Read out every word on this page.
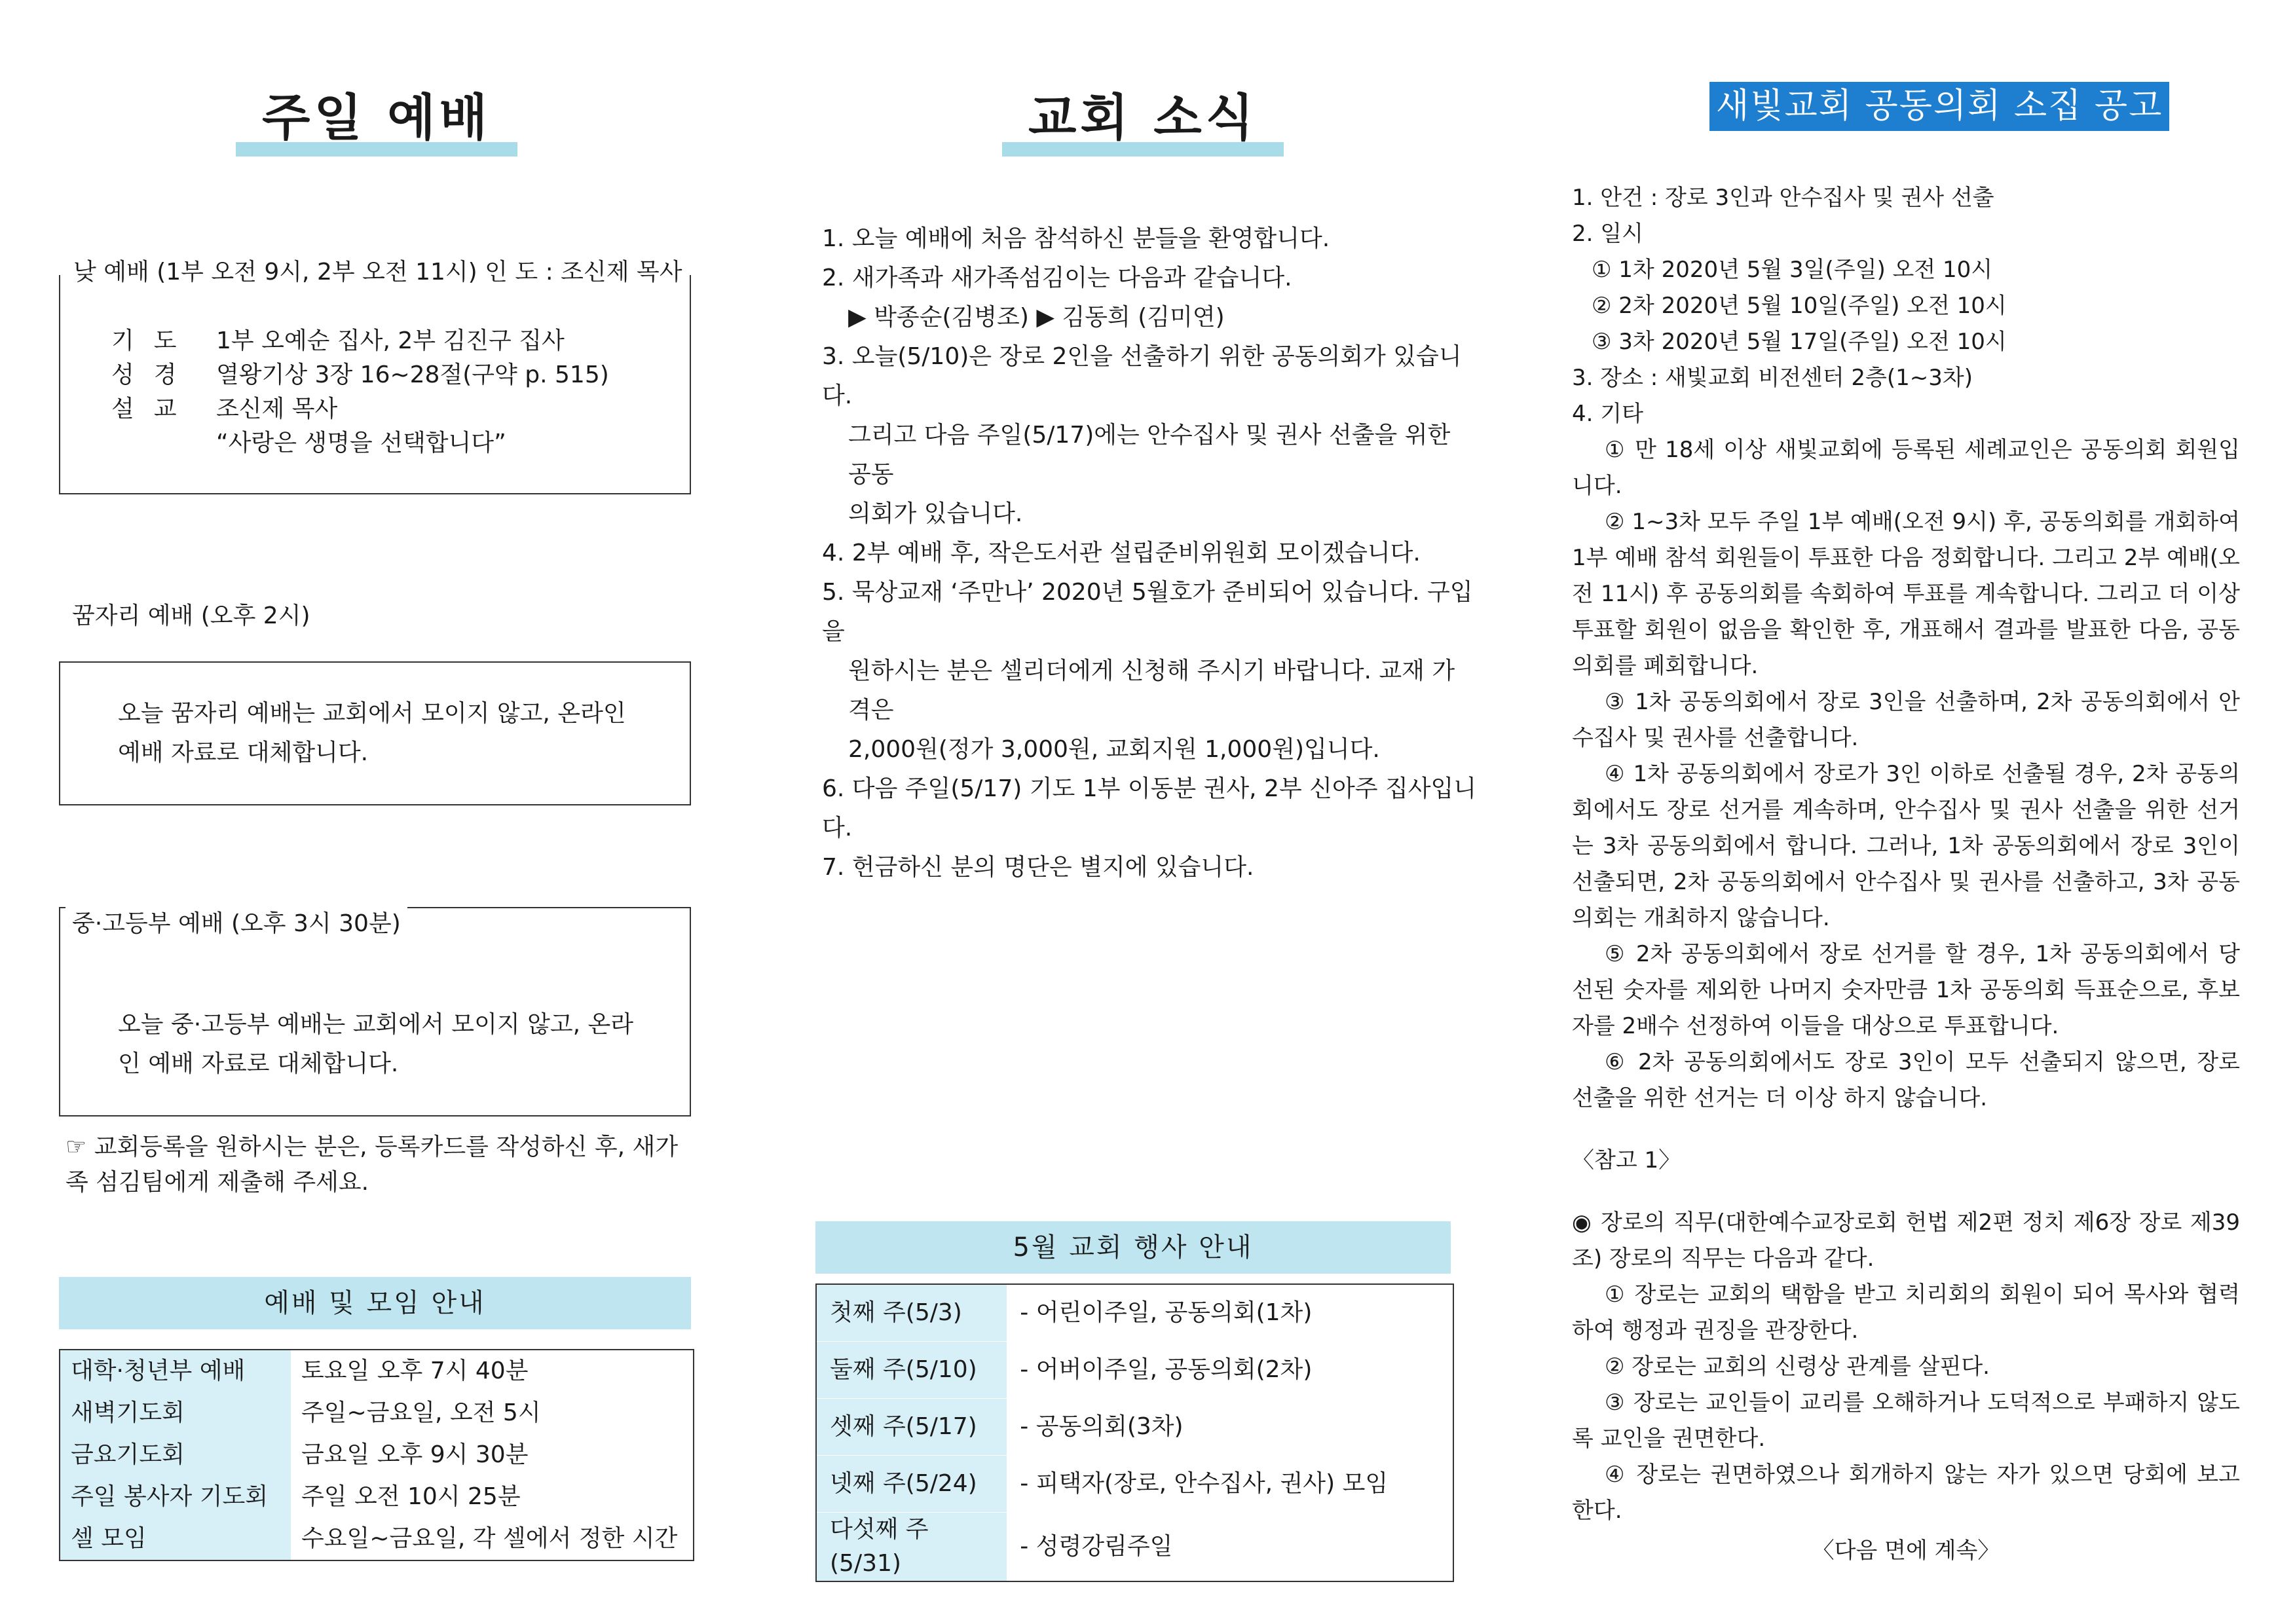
주일 예배
낮 예배 (1부 오전 9시, 2부 오전 11시) 인 도 : 조신제 목사
기도 1부 오예순 집사, 2부 김진구 집사
성경 열왕기상 3장 16~28절(구약 p. 515)
설교 조신제 목사
“사랑은 생명을 선택합니다”
꿈자리 예배 (오후 2시)
오늘 꿈자리 예배는 교회에서 모이지 않고, 온라인 예배 자료로 대체합니다.
중·고등부 예배 (오후 3시 30분)
오늘 중·고등부 예배는 교회에서 모이지 않고, 온라인 예배 자료로 대체합니다.
☞ 교회등록을 원하시는 분은, 등록카드를 작성하신 후, 새가족 섬김팀에게 제출해 주세요.
예배 및 모임 안내
대학·청년부 예배	토요일 오후 7시 40분
새벽기도회	주일~금요일, 오전 5시
금요기도회	금요일 오후 9시 30분
주일 봉사자 기도회	주일 오전 10시 25분
셀 모임	수요일~금요일, 각 셀에서 정한 시간
교회 소식
1. 오늘 예배에 처음 참석하신 분들을 환영합니다.
2. 새가족과 새가족섬김이는 다음과 같습니다.
▶ 박종순(김병조) ▶ 김동희 (김미연)
3. 오늘(5/10)은 장로 2인을 선출하기 위한 공동의회가 있습니다.
그리고 다음 주일(5/17)에는 안수집사 및 권사 선출을 위한 공동
의회가 있습니다.
4. 2부 예배 후, 작은도서관 설립준비위원회 모이겠습니다.
5. 묵상교재 ‘주만나’ 2020년 5월호가 준비되어 있습니다. 구입을
원하시는 분은 셀리더에게 신청해 주시기 바랍니다. 교재 가격은
2,000원(정가 3,000원, 교회지원 1,000원)입니다.
6. 다음 주일(5/17) 기도 1부 이동분 권사, 2부 신아주 집사입니다.
7. 헌금하신 분의 명단은 별지에 있습니다.
5월 교회 행사 안내
첫째 주(5/3)	- 어린이주일, 공동의회(1차)
둘째 주(5/10)	- 어버이주일, 공동의회(2차)
셋째 주(5/17)	- 공동의회(3차)
넷째 주(5/24)	- 피택자(장로, 안수집사, 권사) 모임
다섯째 주(5/31)	- 성령강림주일
새빛교회 공동의회 소집 공고
1. 안건 : 장로 3인과 안수집사 및 권사 선출
2. 일시
① 1차 2020년 5월 3일(주일) 오전 10시
② 2차 2020년 5월 10일(주일) 오전 10시
③ 3차 2020년 5월 17일(주일) 오전 10시
3. 장소 : 새빛교회 비전센터 2층(1~3차)
4. 기타
① 만 18세 이상 새빛교회에 등록된 세례교인은 공동의회 회원입니다.
② 1~3차 모두 주일 1부 예배(오전 9시) 후, 공동의회를 개회하여 1부 예배 참석 회원들이 투표한 다음 정회합니다. 그리고 2부 예배(오전 11시) 후 공동의회를 속회하여 투표를 계속합니다. 그리고 더 이상 투표할 회원이 없음을 확인한 후, 개표해서 결과를 발표한 다음, 공동의회를 폐회합니다.
③ 1차 공동의회에서 장로 3인을 선출하며, 2차 공동의회에서 안수집사 및 권사를 선출합니다.
④ 1차 공동의회에서 장로가 3인 이하로 선출될 경우, 2차 공동의회에서도 장로 선거를 계속하며, 안수집사 및 권사 선출을 위한 선거는 3차 공동의회에서 합니다. 그러나, 1차 공동의회에서 장로 3인이 선출되면, 2차 공동의회에서 안수집사 및 권사를 선출하고, 3차 공동의회는 개최하지 않습니다.
⑤ 2차 공동의회에서 장로 선거를 할 경우, 1차 공동의회에서 당선된 숫자를 제외한 나머지 숫자만큼 1차 공동의회 득표순으로, 후보자를 2배수 선정하여 이들을 대상으로 투표합니다.
⑥ 2차 공동의회에서도 장로 3인이 모두 선출되지 않으면, 장로 선출을 위한 선거는 더 이상 하지 않습니다.
〈참고 1〉
◉ 장로의 직무(대한예수교장로회 헌법 제2편 정치 제6장 장로 제39조) 장로의 직무는 다음과 같다.
① 장로는 교회의 택함을 받고 치리회의 회원이 되어 목사와 협력하여 행정과 권징을 관장한다.
② 장로는 교회의 신령상 관계를 살핀다.
③ 장로는 교인들이 교리를 오해하거나 도덕적으로 부패하지 않도록 교인을 권면한다.
④ 장로는 권면하였으나 회개하지 않는 자가 있으면 당회에 보고한다.
〈다음 면에 계속〉
